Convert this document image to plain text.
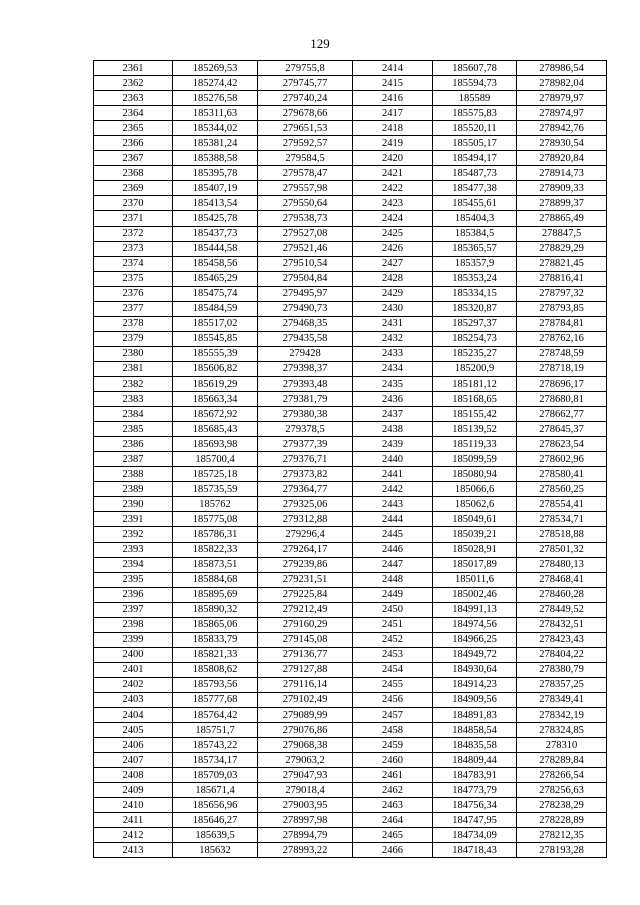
129
2361	185269,53	279755,8	2414	185607,78	278986,54
2362	185274,42	279745,77	2415	185594,73	278982,04
2363	185276,58	279740,24	2416	185589	278979,97
2364	185311,63	279678,66	2417	185575,83	278974,97
2365	185344,02	279651,53	2418	185520,11	278942,76
2366	185381,24	279592,57	2419	185505,17	278930,54
2367	185388,58	279584,5	2420	185494,17	278920,84
2368	185395,78	279578,47	2421	185487,73	278914,73
2369	185407,19	279557,98	2422	185477,38	278909,33
2370	185413,54	279550,64	2423	185455,61	278899,37
2371	185425,78	279538,73	2424	185404,3	278865,49
2372	185437,73	279527,08	2425	185384,5	278847,5
2373	185444,58	279521,46	2426	185365,57	278829,29
2374	185458,56	279510,54	2427	185357,9	278821,45
2375	185465,29	279504,84	2428	185353,24	278816,41
2376	185475,74	279495,97	2429	185334,15	278797,32
2377	185484,59	279490,73	2430	185320,87	278793,85
2378	185517,02	279468,35	2431	185297,37	278784,81
2379	185545,85	279435,58	2432	185254,73	278762,16
2380	185555,39	279428	2433	185235,27	278748,59
2381	185606,82	279398,37	2434	185200,9	278718,19
2382	185619,29	279393,48	2435	185181,12	278696,17
2383	185663,34	279381,79	2436	185168,65	278680,81
2384	185672,92	279380,38	2437	185155,42	278662,77
2385	185685,43	279378,5	2438	185139,52	278645,37
2386	185693,98	279377,39	2439	185119,33	278623,54
2387	185700,4	279376,71	2440	185099,59	278602,96
2388	185725,18	279373,82	2441	185080,94	278580,41
2389	185735,59	279364,77	2442	185066,6	278560,25
2390	185762	279325,06	2443	185062,6	278554,41
2391	185775,08	279312,88	2444	185049,61	278534,71
2392	185786,31	279296,4	2445	185039,21	278518,88
2393	185822,33	279264,17	2446	185028,91	278501,32
2394	185873,51	279239,86	2447	185017,89	278480,13
2395	185884,68	279231,51	2448	185011,6	278468,41
2396	185895,69	279225,84	2449	185002,46	278460,28
2397	185890,32	279212,49	2450	184991,13	278449,52
2398	185865,06	279160,29	2451	184974,56	278432,51
2399	185833,79	279145,08	2452	184966,25	278423,43
2400	185821,33	279136,77	2453	184949,72	278404,22
2401	185808,62	279127,88	2454	184930,64	278380,79
2402	185793,56	279116,14	2455	184914,23	278357,25
2403	185777,68	279102,49	2456	184909,56	278349,41
2404	185764,42	279089,99	2457	184891,83	278342,19
2405	185751,7	279076,86	2458	184858,54	278324,85
2406	185743,22	279068,38	2459	184835,58	278310
2407	185734,17	279063,2	2460	184809,44	278289,84
2408	185709,03	279047,93	2461	184783,91	278266,54
2409	185671,4	279018,4	2462	184773,79	278256,63
2410	185656,96	279003,95	2463	184756,34	278238,29
2411	185646,27	278997,98	2464	184747,95	278228,89
2412	185639,5	278994,79	2465	184734,09	278212,35
2413	185632	278993,22	2466	184718,43	278193,28
